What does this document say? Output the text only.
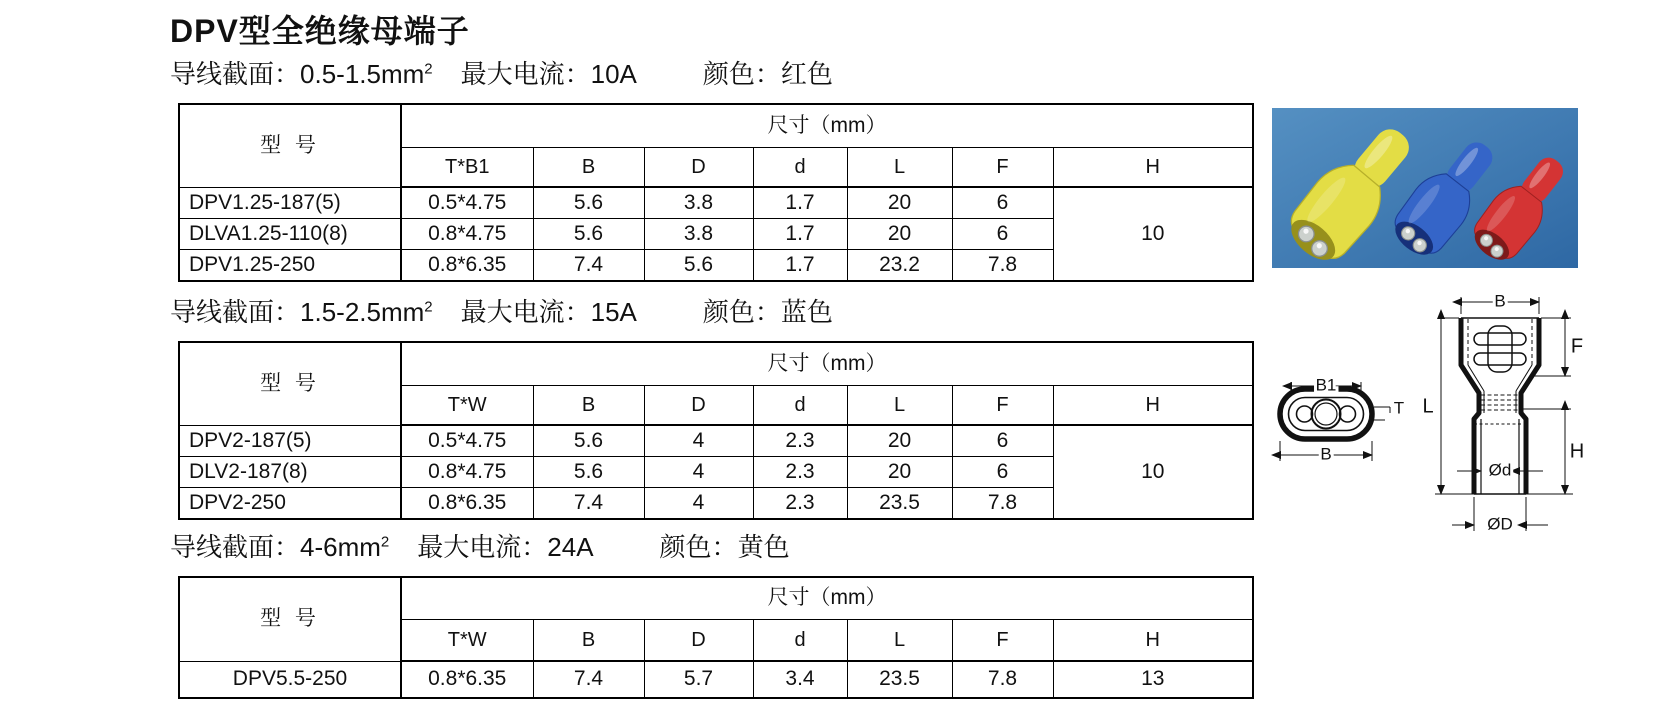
DPV型全绝缘母端子
导线截面：$0.5-1.5mm^2$ 最大电流：10A	颜色：红色
型 号	尺寸（mm）						
	T*B1	B	D	d	L	F	H
DPV1.25-187(5)	0.5*4.75	5.6	3.8	1.7	20	6	10
DLVA1.25-110(8)	0.8*4.75	5.6	3.8	1.7	20	6	
DPV1.25-250	0.8*6.35	7.4	5.6	1.7	23.2	7.8	
导线截面：$1.5-2.5mm^2$ 最大电流：15A	颜色：蓝色
型 号	尺寸（mm）						
	T*W	B	D	d	L	F	H
DPV2-187(5)	0.5*4.75	5.6	4	2.3	20	6	10
DLV2-187(8)	0.8*4.75	5.6	4	2.3	20	6	
DPV2-250	0.8*6.35	7.4	4	2.3	23.5	7.8	
导线截面：$4-6mm^2$ 最大电流：24A	颜色：黄色
型 号	尺寸（mm）						
	T*W	B	D	d	L	F	H
DPV5.5-250	0.8*6.35	7.4	5.7	3.4	23.5	7.8	13
B1
T
B
B
L
F
H
Ød
ØD
